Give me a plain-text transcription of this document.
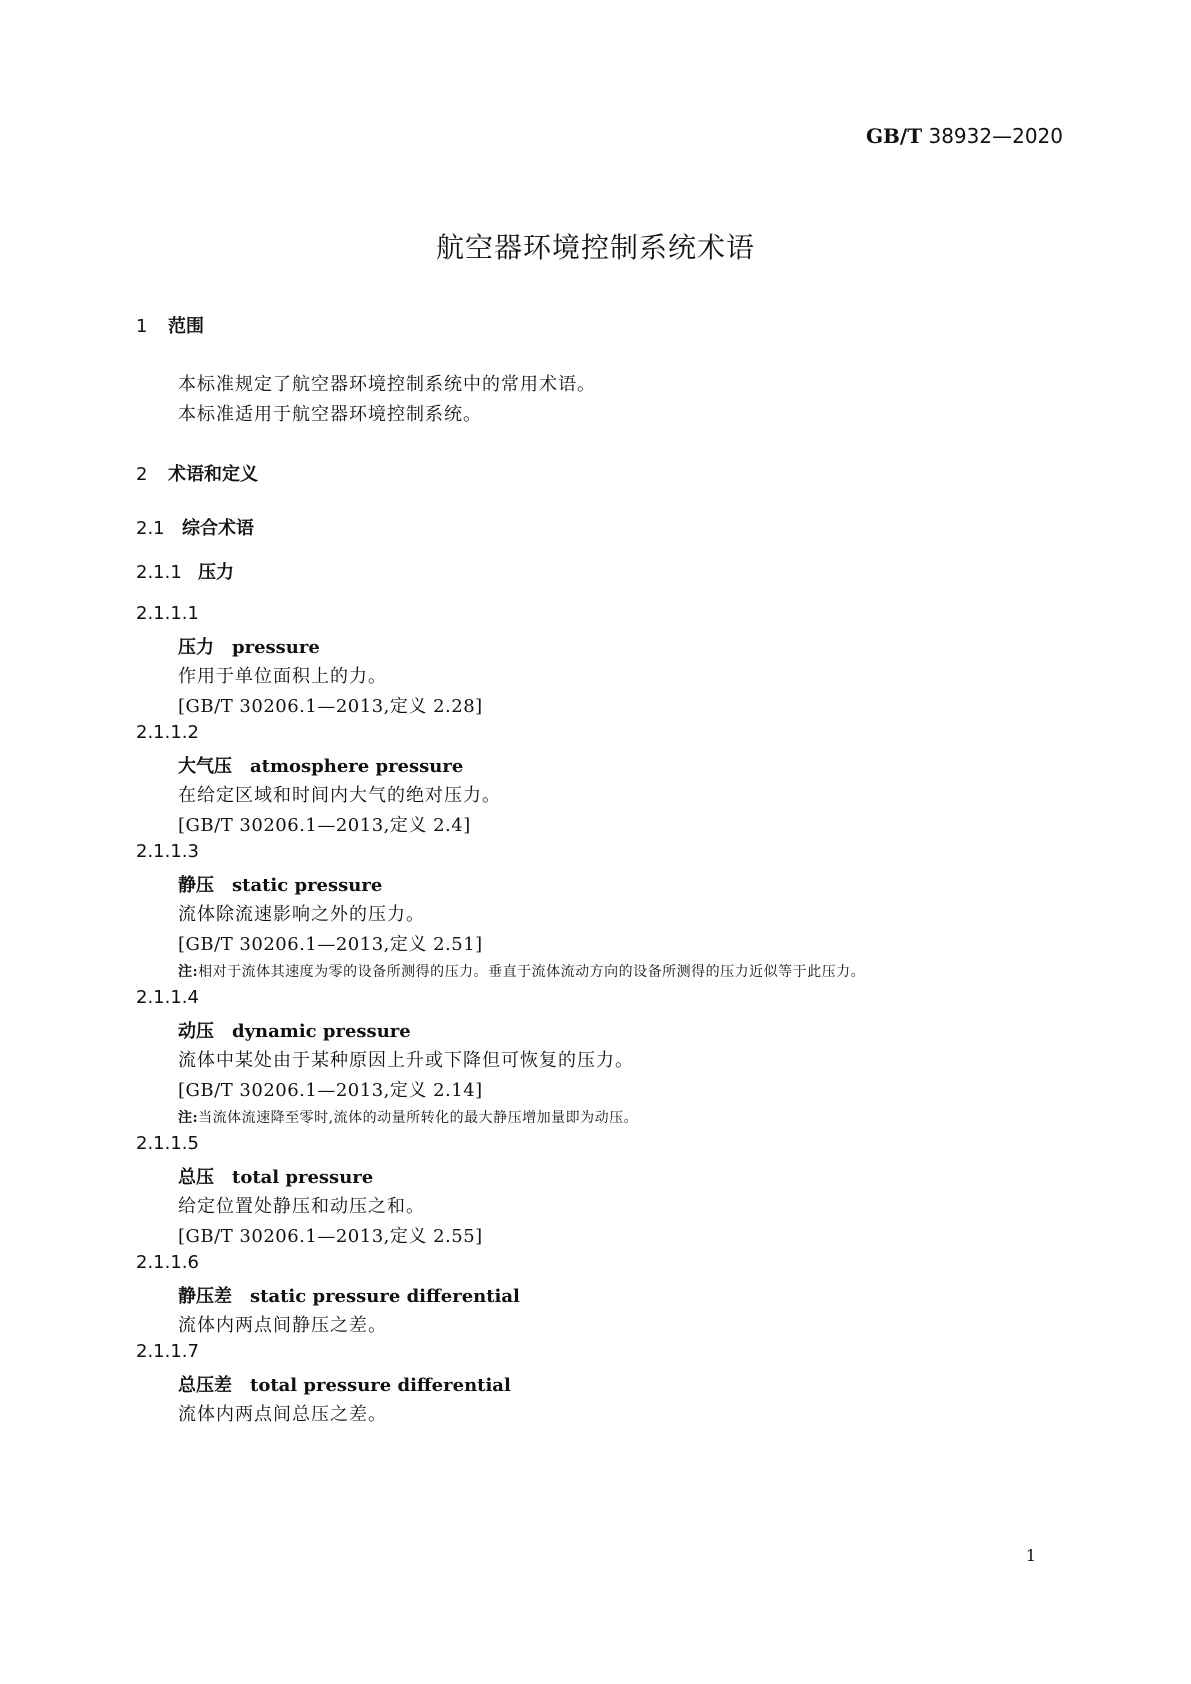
GB/T 38932—2020
航空器环境控制系统术语
1 范围
本标准规定了航空器环境控制系统中的常用术语。
本标准适用于航空器环境控制系统。
2 术语和定义
2.1 综合术语
2.1.1 压力
2.1.1.1
压力 pressure
作用于单位面积上的力。
[GB/T 30206.1—2013,定义 2.28]
2.1.1.2
大气压 atmosphere pressure
在给定区域和时间内大气的绝对压力。
[GB/T 30206.1—2013,定义 2.4]
2.1.1.3
静压 static pressure
流体除流速影响之外的压力。
[GB/T 30206.1—2013,定义 2.51]
注:相对于流体其速度为零的设备所测得的压力。垂直于流体流动方向的设备所测得的压力近似等于此压力。
2.1.1.4
动压 dynamic pressure
流体中某处由于某种原因上升或下降但可恢复的压力。
[GB/T 30206.1—2013,定义 2.14]
注:当流体流速降至零时,流体的动量所转化的最大静压增加量即为动压。
2.1.1.5
总压 total pressure
给定位置处静压和动压之和。
[GB/T 30206.1—2013,定义 2.55]
2.1.1.6
静压差 static pressure differential
流体内两点间静压之差。
2.1.1.7
总压差 total pressure differential
流体内两点间总压之差。
1
